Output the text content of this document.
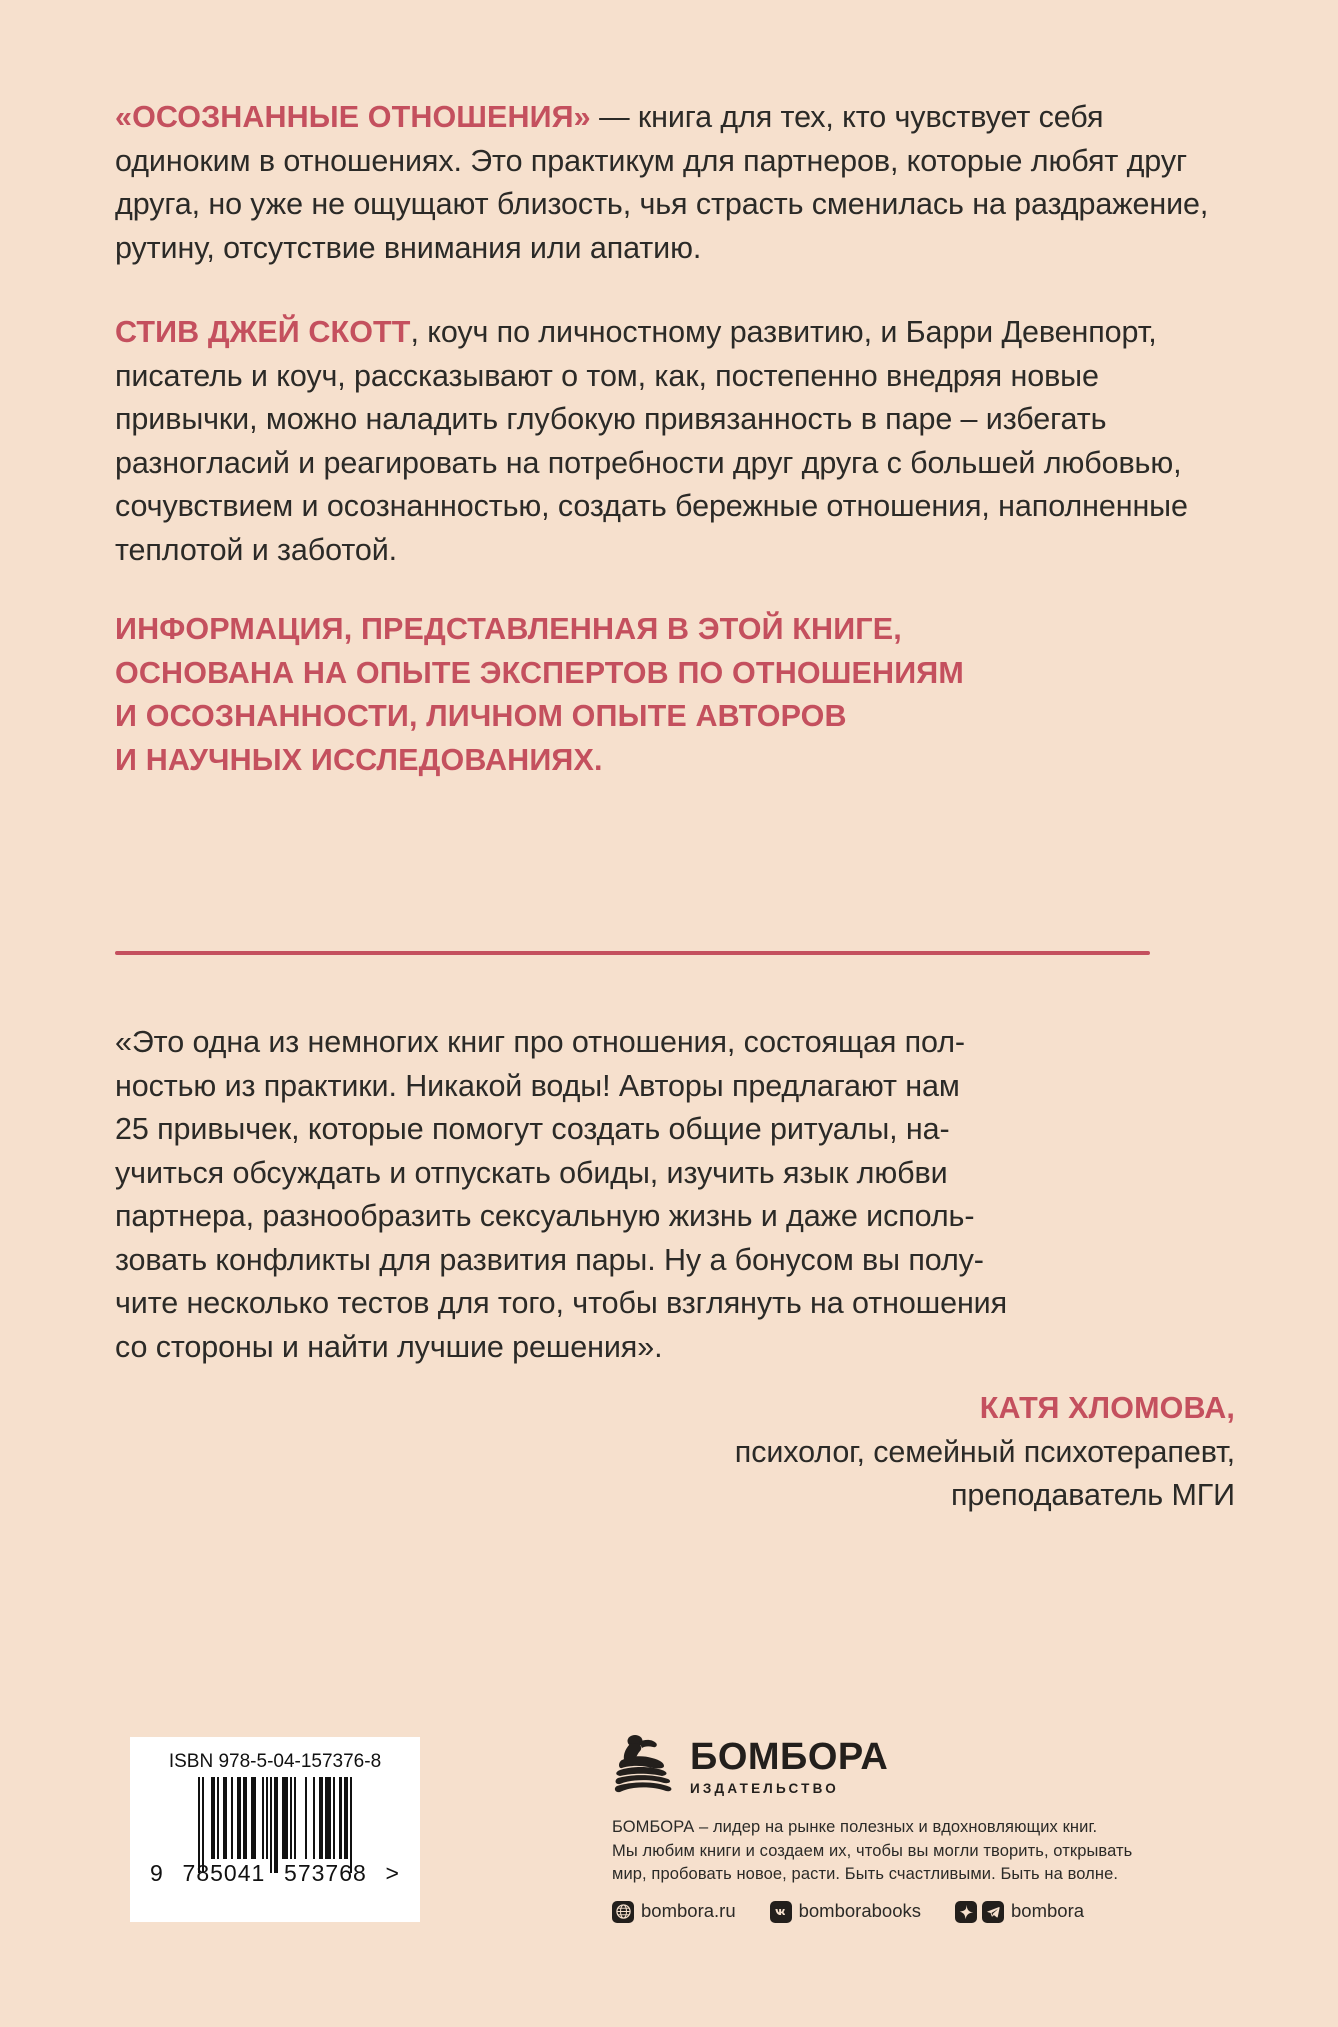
«ОСОЗНАННЫЕ ОТНОШЕНИЯ» — книга для тех, кто чувствует себя одиноким в отношениях. Это практикум для партнеров, которые любят друг друга, но уже не ощущают близость, чья страсть сменилась на раздражение, рутину, отсутствие внимания или апатию.

СТИВ ДЖЕЙ СКОТТ, коуч по личностному развитию, и Барри Девенпорт, писатель и коуч, рассказывают о том, как, постепенно внедряя новые привычки, можно наладить глубокую привязанность в паре – избегать разногласий и реагировать на потребности друг друга с большей любовью, сочувствием и осознанностью, создать бережные отношения, наполненные теплотой и заботой.

ИНФОРМАЦИЯ, ПРЕДСТАВЛЕННАЯ В ЭТОЙ КНИГЕ,
ОСНОВАНА НА ОПЫТЕ ЭКСПЕРТОВ ПО ОТНОШЕНИЯМ
И ОСОЗНАННОСТИ, ЛИЧНОМ ОПЫТЕ АВТОРОВ
И НАУЧНЫХ ИССЛЕДОВАНИЯХ.

«Это одна из немногих книг про отношения, состоящая пол-
ностью из практики. Никакой воды! Авторы предлагают нам
25 привычек, которые помогут создать общие ритуалы, на-
учиться обсуждать и отпускать обиды, изучить язык любви
партнера, разнообразить сексуальную жизнь и даже исполь-
зовать конфликты для развития пары. Ну а бонусом вы полу-
чите несколько тестов для того, чтобы взглянуть на отношения
со стороны и найти лучшие решения».

КАТЯ ХЛОМОВА,
психолог, семейный психотерапевт,
преподаватель МГИ
ISBN 978-5-04-157376-8
9 785041 573768 >
БОМБОРА
ИЗДАТЕЛЬСТВО
БОМБОРА – лидер на рынке полезных и вдохновляющих книг.
Мы любим книги и создаем их, чтобы вы могли творить, открывать
мир, пробовать новое, расти. Быть счастливыми. Быть на волне.
bombora.ru	bomborabooks	bombora
